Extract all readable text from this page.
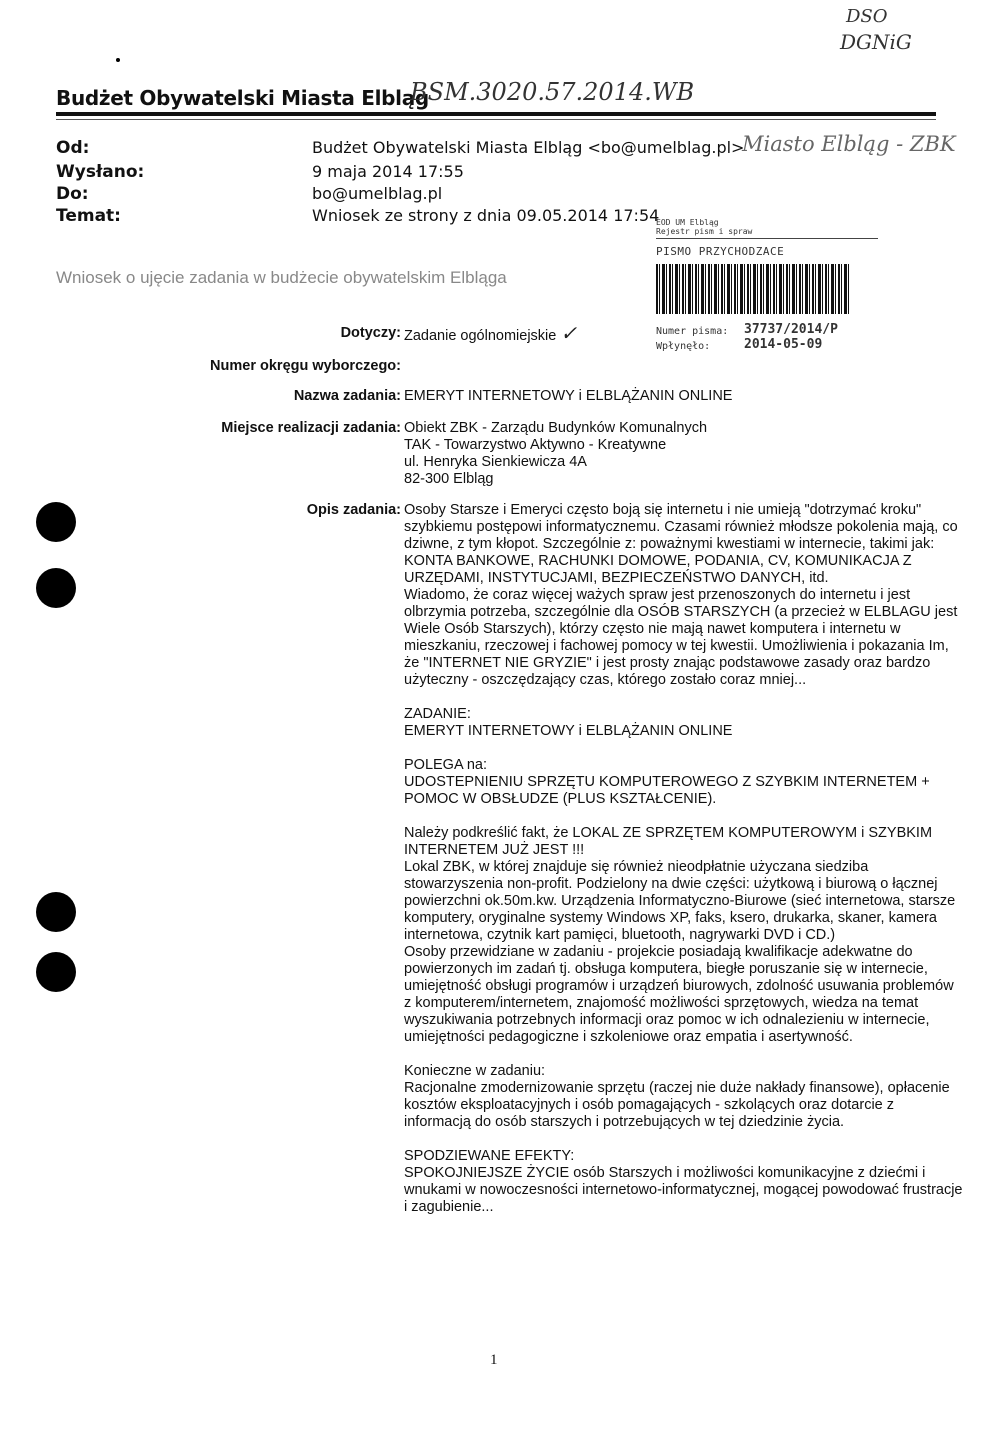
Budżet Obywatelski Miasta Elbląg
BSM.3020.57.2014.WB
DSO
DGNiG
Miasto Elbląg - ZBK
Od:	Budżet Obywatelski Miasta Elbląg <bo@umelblag.pl>
Wysłano:	9 maja 2014 17:55
Do:	bo@umelblag.pl
Temat:	Wniosek ze strony z dnia 09.05.2014 17:54
EOD UM Elbląg
Rejestr pism i spraw
PISMO PRZYCHODZACE
Numer pisma:	37737/2014/P
Wpłynęło:	2014-05-09
Wniosek o ujęcie zadania w budżecie obywatelskim Elbląga
Dotyczy: Zadanie ogólnomiejskie ✓
Numer okręgu wyborczego:
Nazwa zadania: EMERYT INTERNETOWY i ELBLĄŻANIN ONLINE
Miejsce realizacji zadania: Obiekt ZBK - Zarządu Budynków Komunalnych
TAK - Towarzystwo Aktywno - Kreatywne
ul. Henryka Sienkiewicza 4A
82-300 Elbląg
Opis zadania: Osoby Starsze i Emeryci często boją się internetu i nie umieją "dotrzymać kroku" szybkiemu postępowi informatycznemu. Czasami również młodsze pokolenia mają, co dziwne, z tym kłopot. Szczególnie z: poważnymi kwestiami w internecie, takimi jak: KONTA BANKOWE, RACHUNKI DOMOWE, PODANIA, CV, KOMUNIKACJA Z URZĘDAMI, INSTYTUCJAMI, BEZPIECZEŃSTWO DANYCH, itd.

Wiadomo, że coraz więcej ważych spraw jest przenoszonych do internetu i jest olbrzymia potrzeba, szczególnie dla OSÓB STARSZYCH (a przecież w ELBLAGU jest Wiele Osób Starszych), którzy często nie mają nawet komputera i internetu w mieszkaniu, rzeczowej i fachowej pomocy w tej kwestii. Umożliwienia i pokazania Im, że "INTERNET NIE GRYZIE" i jest prosty znając podstawowe zasady oraz bardzo użyteczny - oszczędzający czas, którego zostało coraz mniej...

ZADANIE:

EMERYT INTERNETOWY i ELBLĄŻANIN ONLINE

POLEGA na:

UDOSTEPNIENIU SPRZĘTU KOMPUTEROWEGO Z SZYBKIM INTERNETEM + POMOC W OBSŁUDZE (PLUS KSZTAŁCENIE).

Należy podkreślić fakt, że LOKAL ZE SPRZĘTEM KOMPUTEROWYM i SZYBKIM INTERNETEM JUŻ JEST !!!

Lokal ZBK, w której znajduje się również nieodpłatnie użyczana siedziba stowarzyszenia non-profit. Podzielony na dwie części: użytkową i biurową o łącznej powierzchni ok.50m.kw. Urządzenia Informatyczno-Biurowe (sieć internetowa, starsze komputery, oryginalne systemy Windows XP, faks, ksero, drukarka, skaner, kamera internetowa, czytnik kart pamięci, bluetooth, nagrywarki DVD i CD.)

Osoby przewidziane w zadaniu - projekcie posiadają kwalifikacje adekwatne do powierzonych im zadań tj. obsługa komputera, biegłe poruszanie się w internecie, umiejętność obsługi programów i urządzeń biurowych, zdolność usuwania problemów z komputerem/internetem, znajomość możliwości sprzętowych, wiedza na temat wyszukiwania potrzebnych informacji oraz pomoc w ich odnalezieniu w internecie, umiejętności pedagogiczne i szkoleniowe oraz empatia i asertywność.

Konieczne w zadaniu:

Racjonalne zmodernizowanie sprzętu (raczej nie duże nakłady finansowe), opłacenie kosztów eksploatacyjnych i osób pomagających - szkolących oraz dotarcie z informacją do osób starszych i potrzebujących w tej dziedzinie życia.

SPODZIEWANE EFEKTY:

SPOKOJNIEJSZE ŻYCIE osób Starszych i możliwości komunikacyjne z dziećmi i wnukami w nowoczesności internetowo-informatycznej, mogącej powodować frustracje i zagubienie...

1
